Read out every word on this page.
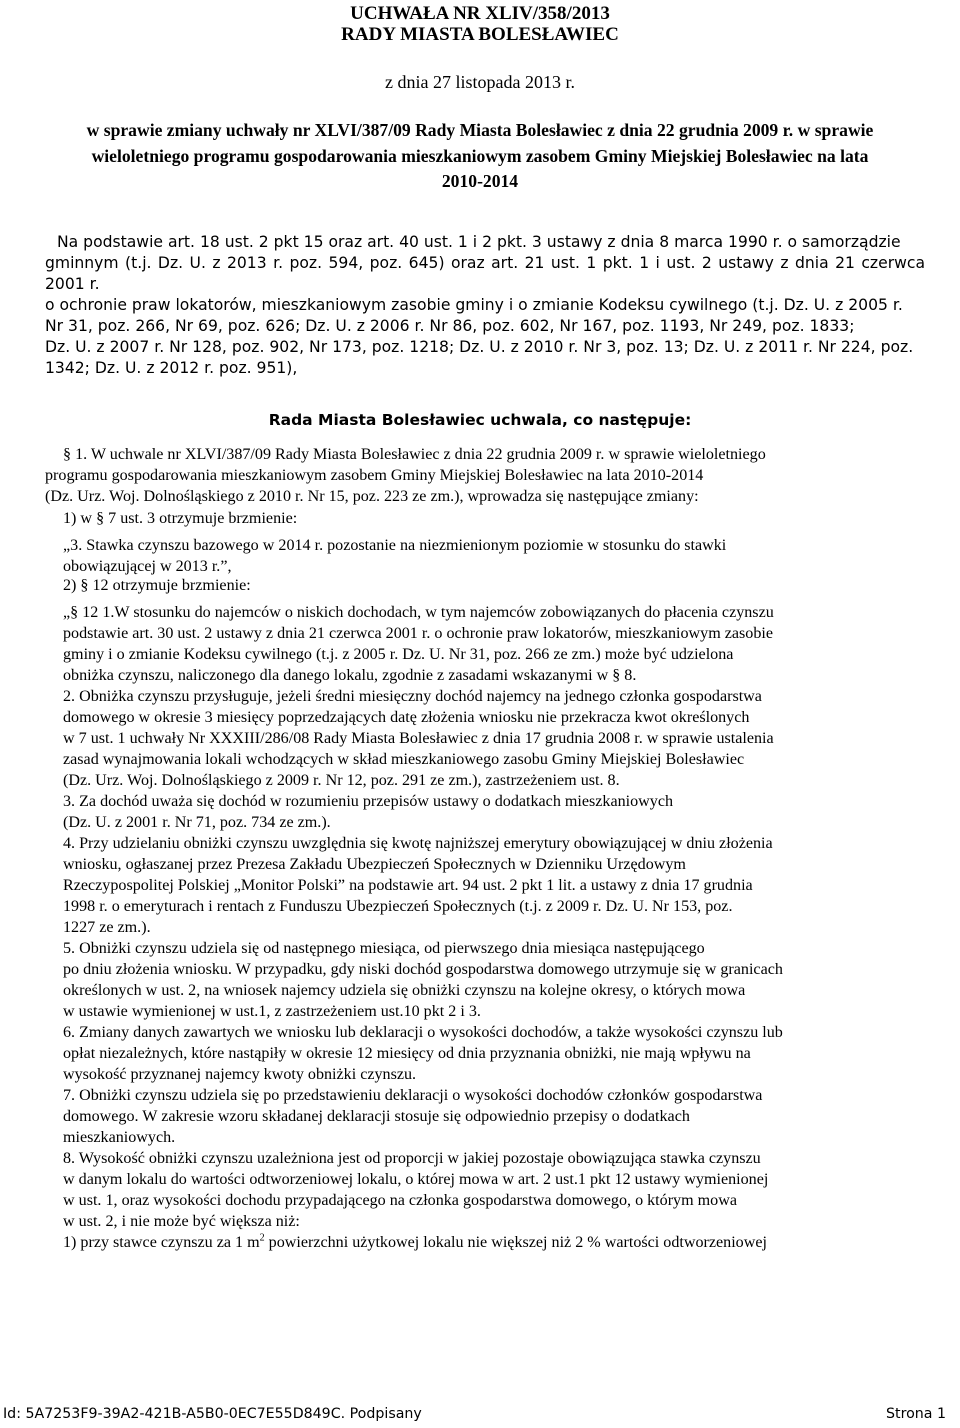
UCHWAŁA NR XLIV/358/2013
RADY MIASTA BOLESŁAWIEC
z dnia 27 listopada 2013 r.
w sprawie zmiany uchwały nr XLVI/387/09 Rady Miasta Bolesławiec z dnia 22 grudnia 2009 r. w sprawie
wieloletniego programu gospodarowania mieszkaniowym zasobem Gminy Miejskiej Bolesławiec na lata
2010-2014
Na podstawie art. 18 ust. 2 pkt 15 oraz art. 40 ust. 1 i 2 pkt. 3 ustawy z dnia 8 marca 1990 r. o samorządzie
gminnym (t.j. Dz. U. z 2013 r. poz. 594, poz. 645) oraz art. 21 ust. 1 pkt. 1 i ust. 2 ustawy z dnia 21 czerwca 2001 r.
o ochronie praw lokatorów, mieszkaniowym zasobie gminy i o zmianie Kodeksu cywilnego (t.j. Dz. U. z 2005 r.
Nr 31, poz. 266, Nr 69, poz. 626; Dz. U. z 2006 r. Nr 86, poz. 602, Nr 167, poz. 1193, Nr 249, poz. 1833;
Dz. U. z 2007 r. Nr 128, poz. 902, Nr 173, poz. 1218; Dz. U. z 2010 r. Nr 3, poz. 13; Dz. U. z 2011 r. Nr 224, poz.
1342; Dz. U. z 2012 r. poz. 951),
Rada Miasta Bolesławiec uchwala, co następuje:

§ 1. W uchwale nr XLVI/387/09 Rady Miasta Bolesławiec z dnia 22 grudnia 2009 r. w sprawie wieloletniego

programu gospodarowania mieszkaniowym zasobem Gminy Miejskiej Bolesławiec na lata 2010-2014

(Dz. Urz. Woj. Dolnośląskiego z 2010 r. Nr 15, poz. 223 ze zm.), wprowadza się następujące zmiany:

1) w § 7 ust. 3 otrzymuje brzmienie:

„3. Stawka czynszu bazowego w 2014 r. pozostanie na niezmienionym poziomie w stosunku do stawki

obowiązującej w 2013 r.”,

2) § 12 otrzymuje brzmienie:

„§ 12 1.W stosunku do najemców o niskich dochodach, w tym najemców zobowiązanych do płacenia czynszu

podstawie art. 30 ust. 2 ustawy z dnia 21 czerwca 2001 r. o ochronie praw lokatorów, mieszkaniowym zasobie

gminy i o zmianie Kodeksu cywilnego (t.j. z 2005 r. Dz. U. Nr 31, poz. 266 ze zm.) może być udzielona

obniżka czynszu, naliczonego dla danego lokalu, zgodnie z zasadami wskazanymi w § 8.

2. Obniżka czynszu przysługuje, jeżeli średni miesięczny dochód najemcy na jednego członka gospodarstwa

domowego w okresie 3 miesięcy poprzedzających datę złożenia wniosku nie przekracza kwot określonych

w 7 ust. 1 uchwały Nr XXXIII/286/08 Rady Miasta Bolesławiec z dnia 17 grudnia 2008 r. w sprawie ustalenia

zasad wynajmowania lokali wchodzących w skład mieszkaniowego zasobu Gminy Miejskiej Bolesławiec

(Dz. Urz. Woj. Dolnośląskiego z 2009 r. Nr 12, poz. 291 ze zm.), zastrzeżeniem ust. 8.

3. Za dochód uważa się dochód w rozumieniu przepisów ustawy o dodatkach mieszkaniowych

(Dz. U. z 2001 r. Nr 71, poz. 734 ze zm.).

4. Przy udzielaniu obniżki czynszu uwzględnia się kwotę najniższej emerytury obowiązującej w dniu złożenia

wniosku, ogłaszanej przez Prezesa Zakładu Ubezpieczeń Społecznych w Dzienniku Urzędowym

Rzeczypospolitej Polskiej „Monitor Polski” na podstawie art. 94 ust. 2 pkt 1 lit. a ustawy z dnia 17 grudnia

1998 r. o emeryturach i rentach z Funduszu Ubezpieczeń Społecznych (t.j. z 2009 r. Dz. U. Nr 153, poz.

1227 ze zm.).

5. Obniżki czynszu udziela się od następnego miesiąca, od pierwszego dnia miesiąca następującego

po dniu złożenia wniosku. W przypadku, gdy niski dochód gospodarstwa domowego utrzymuje się w granicach

określonych w ust. 2, na wniosek najemcy udziela się obniżki czynszu na kolejne okresy, o których mowa

w ustawie wymienionej w ust.1, z zastrzeżeniem ust.10 pkt 2 i 3.

6. Zmiany danych zawartych we wniosku lub deklaracji o wysokości dochodów, a także wysokości czynszu lub

opłat niezależnych, które nastąpiły w okresie 12 miesięcy od dnia przyznania obniżki, nie mają wpływu na

wysokość przyznanej najemcy kwoty obniżki czynszu.

7. Obniżki czynszu udziela się po przedstawieniu deklaracji o wysokości dochodów członków gospodarstwa

domowego. W zakresie wzoru składanej deklaracji stosuje się odpowiednio przepisy o dodatkach

mieszkaniowych.

8. Wysokość obniżki czynszu uzależniona jest od proporcji w jakiej pozostaje obowiązująca stawka czynszu

w danym lokalu do wartości odtworzeniowej lokalu, o której mowa w art. 2 ust.1 pkt 12 ustawy wymienionej

w ust. 1, oraz wysokości dochodu przypadającego na członka gospodarstwa domowego, o którym mowa

w ust. 2, i nie może być większa niż:

1) przy stawce czynszu za 1 $m^2$ powierzchni użytkowej lokalu nie większej niż 2 % wartości odtworzeniowej

Id: 5A7253F9-39A2-421B-A5B0-0EC7E55D849C. Podpisany	Strona 1
